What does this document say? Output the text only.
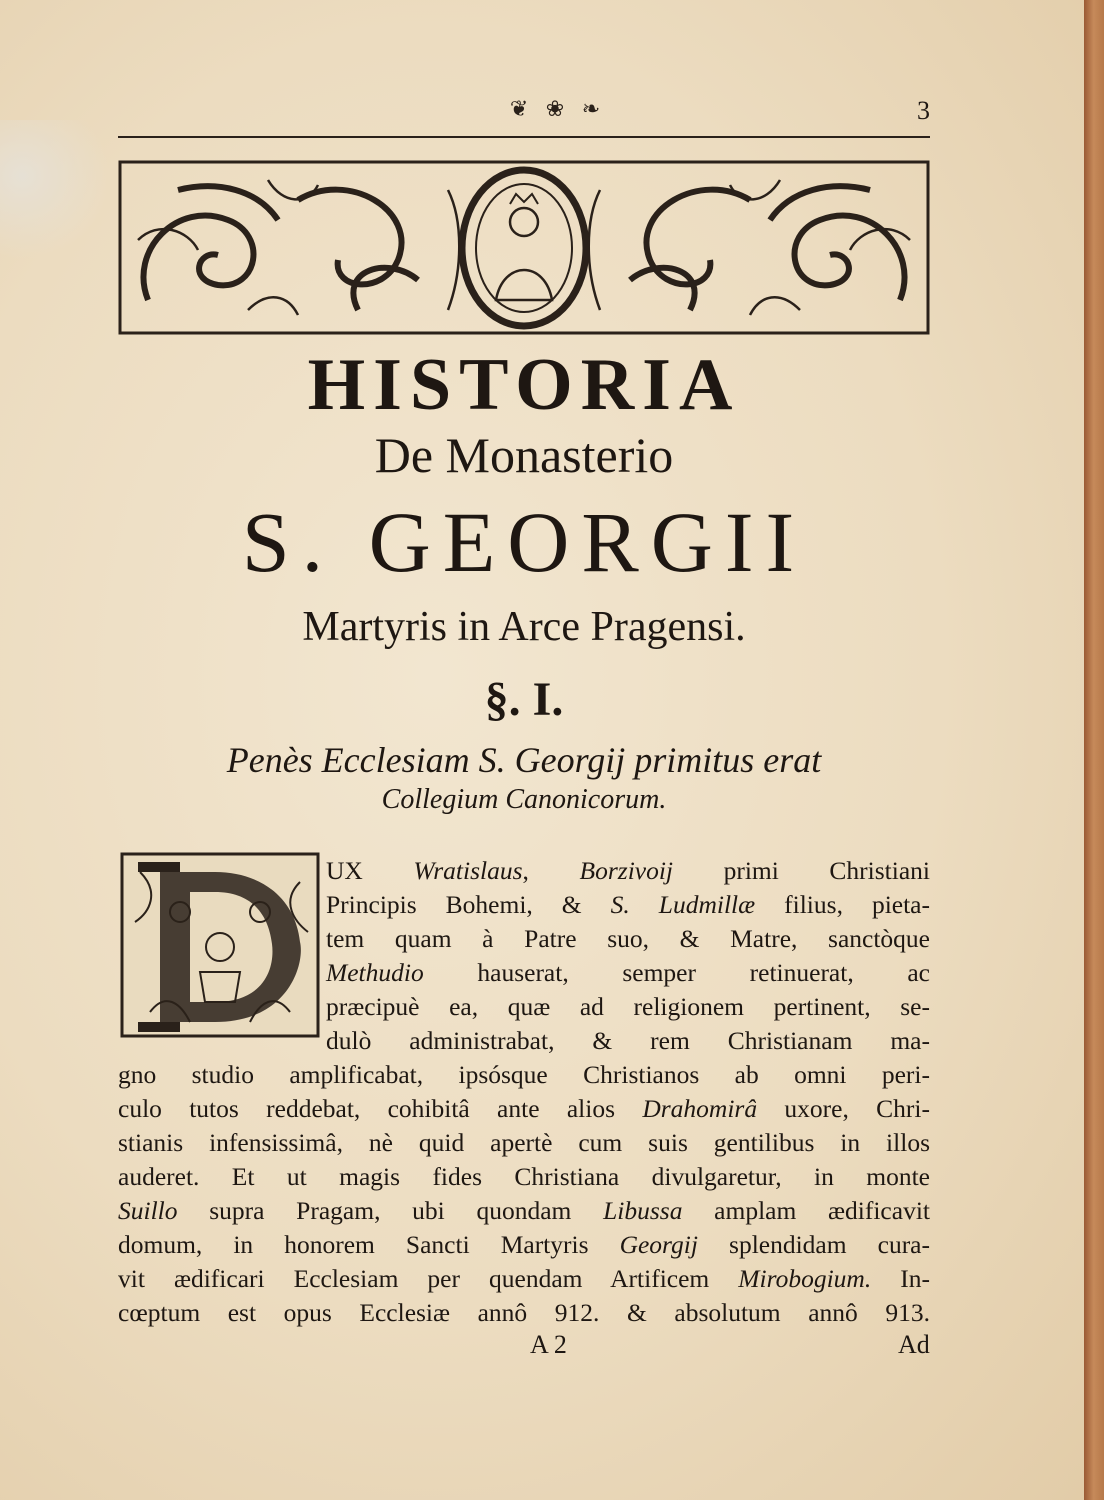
❦ ❀ ❧	3
HISTORIA
De Monasterio
S. GEORGII
Martyris in Arce Pragensi.
§. I.
Penès Ecclesiam S. Georgij primitus erat
Collegium Canonicorum.
UX Wratislaus, Borzivoij primi Christiani
Principis Bohemi, & S. Ludmillæ filius, pieta-
tem quam à Patre suo, & Matre, sanctòque
Methudio hauserat, semper retinuerat, ac
præcipuè ea, quæ ad religionem pertinent, se-
dulò administrabat, & rem Christianam ma-
gno studio amplificabat, ipsósque Christianos ab omni peri-
culo tutos reddebat, cohibitâ ante alios Drahomirâ uxore, Chri-
stianis infensissimâ, nè quid apertè cum suis gentilibus in illos
auderet. Et ut magis fides Christiana divulgaretur, in monte
Suillo supra Pragam, ubi quondam Libussa amplam ædificavit
domum, in honorem Sancti Martyris Georgij splendidam cura-
vit ædificari Ecclesiam per quendam Artificem Mirobogium. In-
cœptum est opus Ecclesiæ annô 912. & absolutum annô 913.
A 2	Ad
